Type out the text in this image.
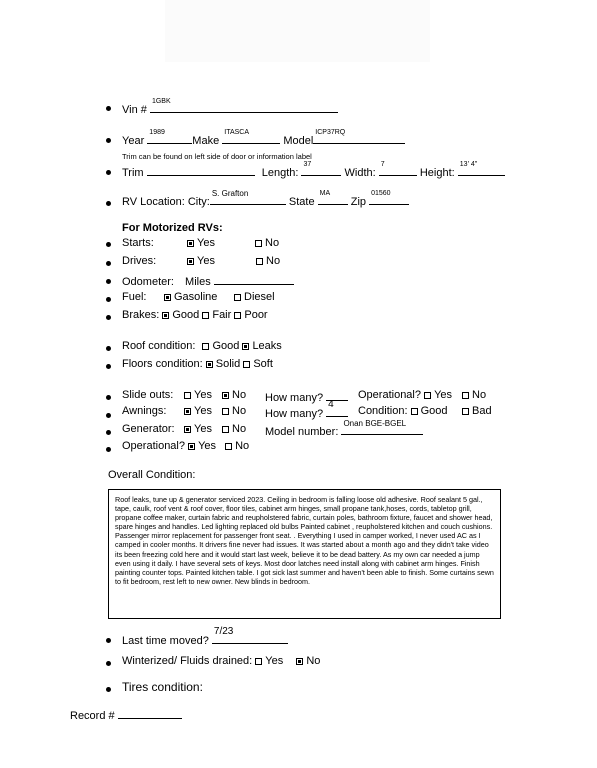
Vin #
1GBK
Year
1989
Make
ITASCA
Model
ICP37RQ
Trim can be found on left side of door or information label
Trim	Length:
37
Width:
7
Height:
13' 4"
RV Location: City:
S. Grafton
State
MA
Zip
01560
For Motorized RVs:
Starts:	Yes	No
Drives:	Yes	No
Odometer: Miles
Fuel:	Gasoline	Diesel
Brakes: Good Fair Poor
Roof condition: Good Leaks
Floors condition: Solid Soft
Slide outs:	Yes	No How many?	Operational? Yes	No
Awnings:	Yes	No How many?
4
Condition: Good	Bad
Generator:	Yes	No Model number:
Onan BGE-BGEL
Operational? Yes No
Overall Condition:
Roof leaks, tune up & generator serviced 2023. Ceiling in bedroom is falling loose old adhesive. Roof sealant 5 gal., tape, caulk, roof vent & roof cover, floor tiles, cabinet arm hinges, small propane tank,hoses, cords, tabletop grill, propane coffee maker, curtain fabric and reupholstered fabric, curtain poles, bathroom fixture, faucet and shower head, spare hinges and handles. Led lighting replaced old bulbs Painted cabinet , reupholstered kitchen and couch cushions. Passenger mirror replacement for passenger front seat. . Everything I used in camper worked, I never used AC as I camped in cooler months. It drivers fine never had issues. It was started about a month ago and they didn't take video its been freezing cold here and it would start last week, believe it to be dead battery. As my own car needed a jump even using it daily. I have several sets of keys. Most door latches need install along with cabinet arm hinges. Finish painting counter tops. Painted kitchen table. I got sick last summer and haven't been able to finish. Some curtains sewn to fit bedroom, rest left to new owner. New blinds in bedroom.
Last time moved?
7/23
Winterized/ Fluids drained: Yes No
Tires condition:
Record #
